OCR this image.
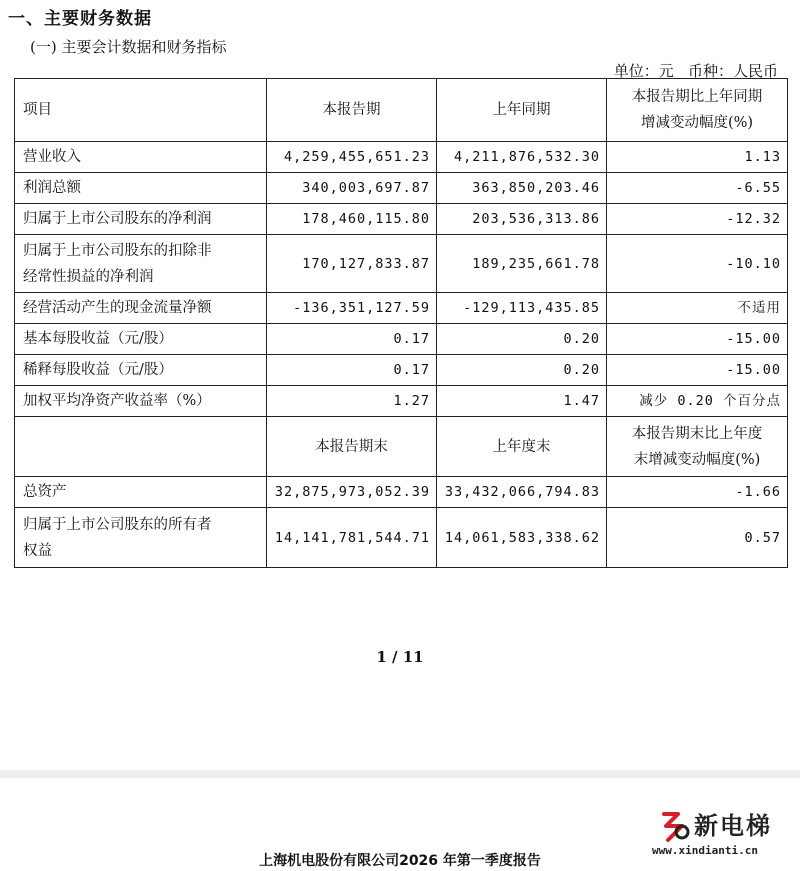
一、主要财务数据
(一) 主要会计数据和财务指标
单位：元   币种：人民币
项目	本报告期	上年同期	本报告期比上年同期
增减变动幅度(%)

营业收入	4,259,455,651.23	4,211,876,532.30	1.13
利润总额	340,003,697.87	363,850,203.46	-6.55
归属于上市公司股东的净利润	178,460,115.80	203,536,313.86	-12.32

归属于上市公司股东的扣除非
经常性损益的净利润	170,127,833.87	189,235,661.78	-10.10
经营活动产生的现金流量净额	-136,351,127.59	-129,113,435.85	不适用
基本每股收益（元/股）	0.17	0.20	-15.00
稀释每股收益（元/股）	0.17	0.20	-15.00
加权平均净资产收益率（%）	1.27	1.47	减少 0.20 个百分点
	本报告期末	上年度末	本报告期末比上年度
末增减变动幅度(%)

总资产	32,875,973,052.39	33,432,066,794.83	-1.66

归属于上市公司股东的所有者
权益	14,141,781,544.71	14,061,583,338.62	0.57
1 / 11
新电梯
www.xindianti.cn
上海机电股份有限公司2026 年第一季度报告
